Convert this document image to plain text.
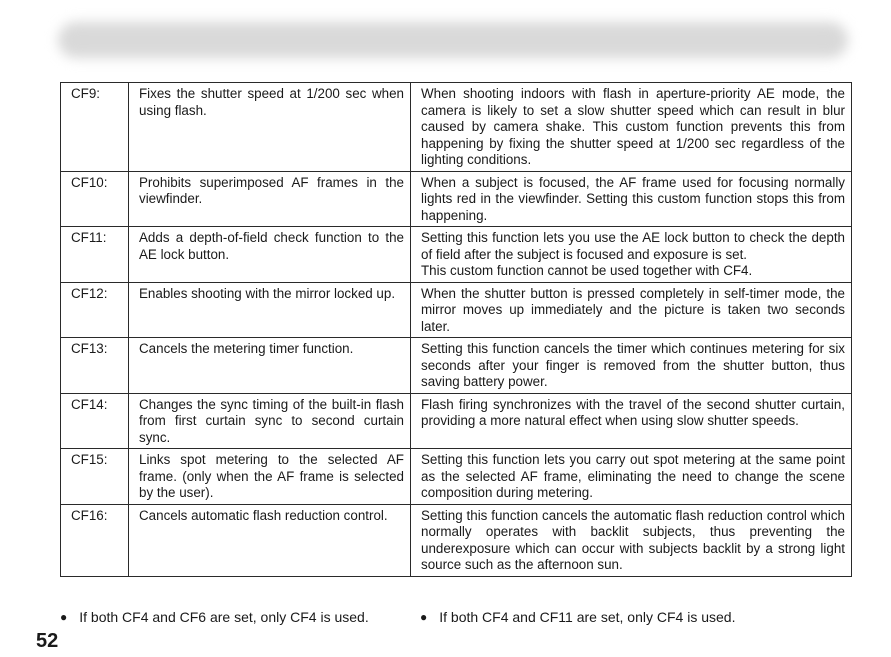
CF9:	Fixes the shutter speed at 1/200 sec when using flash.	When shooting indoors with flash in aperture-priority AE mode, the camera is likely to set a slow shutter speed which can result in blur caused by camera shake. This custom function prevents this from happening by fixing the shutter speed at 1/200 sec regardless of the lighting conditions.
CF10:	Prohibits superimposed AF frames in the viewfinder.	When a subject is focused, the AF frame used for focusing normally lights red in the viewfinder. Setting this custom function stops this from happening.
CF11:	Adds a depth-of-field check function to the AE lock button.	Setting this function lets you use the AE lock button to check the depth of field after the subject is focused and exposure is set.
This custom function cannot be used together with CF4.

CF12:	Enables shooting with the mirror locked up.	When the shutter button is pressed completely in self-timer mode, the mirror moves up immediately and the picture is taken two seconds later.
CF13:	Cancels the metering timer function.	Setting this function cancels the timer which continues metering for six seconds after your finger is removed from the shutter button, thus saving battery power.
CF14:	Changes the sync timing of the built-in flash from first curtain sync to second curtain sync.	Flash firing synchronizes with the travel of the second shutter curtain, providing a more natural effect when using slow shutter speeds.
CF15:	Links spot metering to the selected AF frame. (only when the AF frame is selected by the user).	Setting this function lets you carry out spot metering at the same point as the selected AF frame, eliminating the need to change the scene composition during metering.
CF16:	Cancels automatic flash reduction control.	Setting this function cancels the automatic flash reduction control which normally operates with backlit subjects, thus preventing the underexposure which can occur with subjects backlit by a strong light source such as the afternoon sun.
● If both CF4 and CF6 are set, only CF4 is used.	● If both CF4 and CF11 are set, only CF4 is used.
52
